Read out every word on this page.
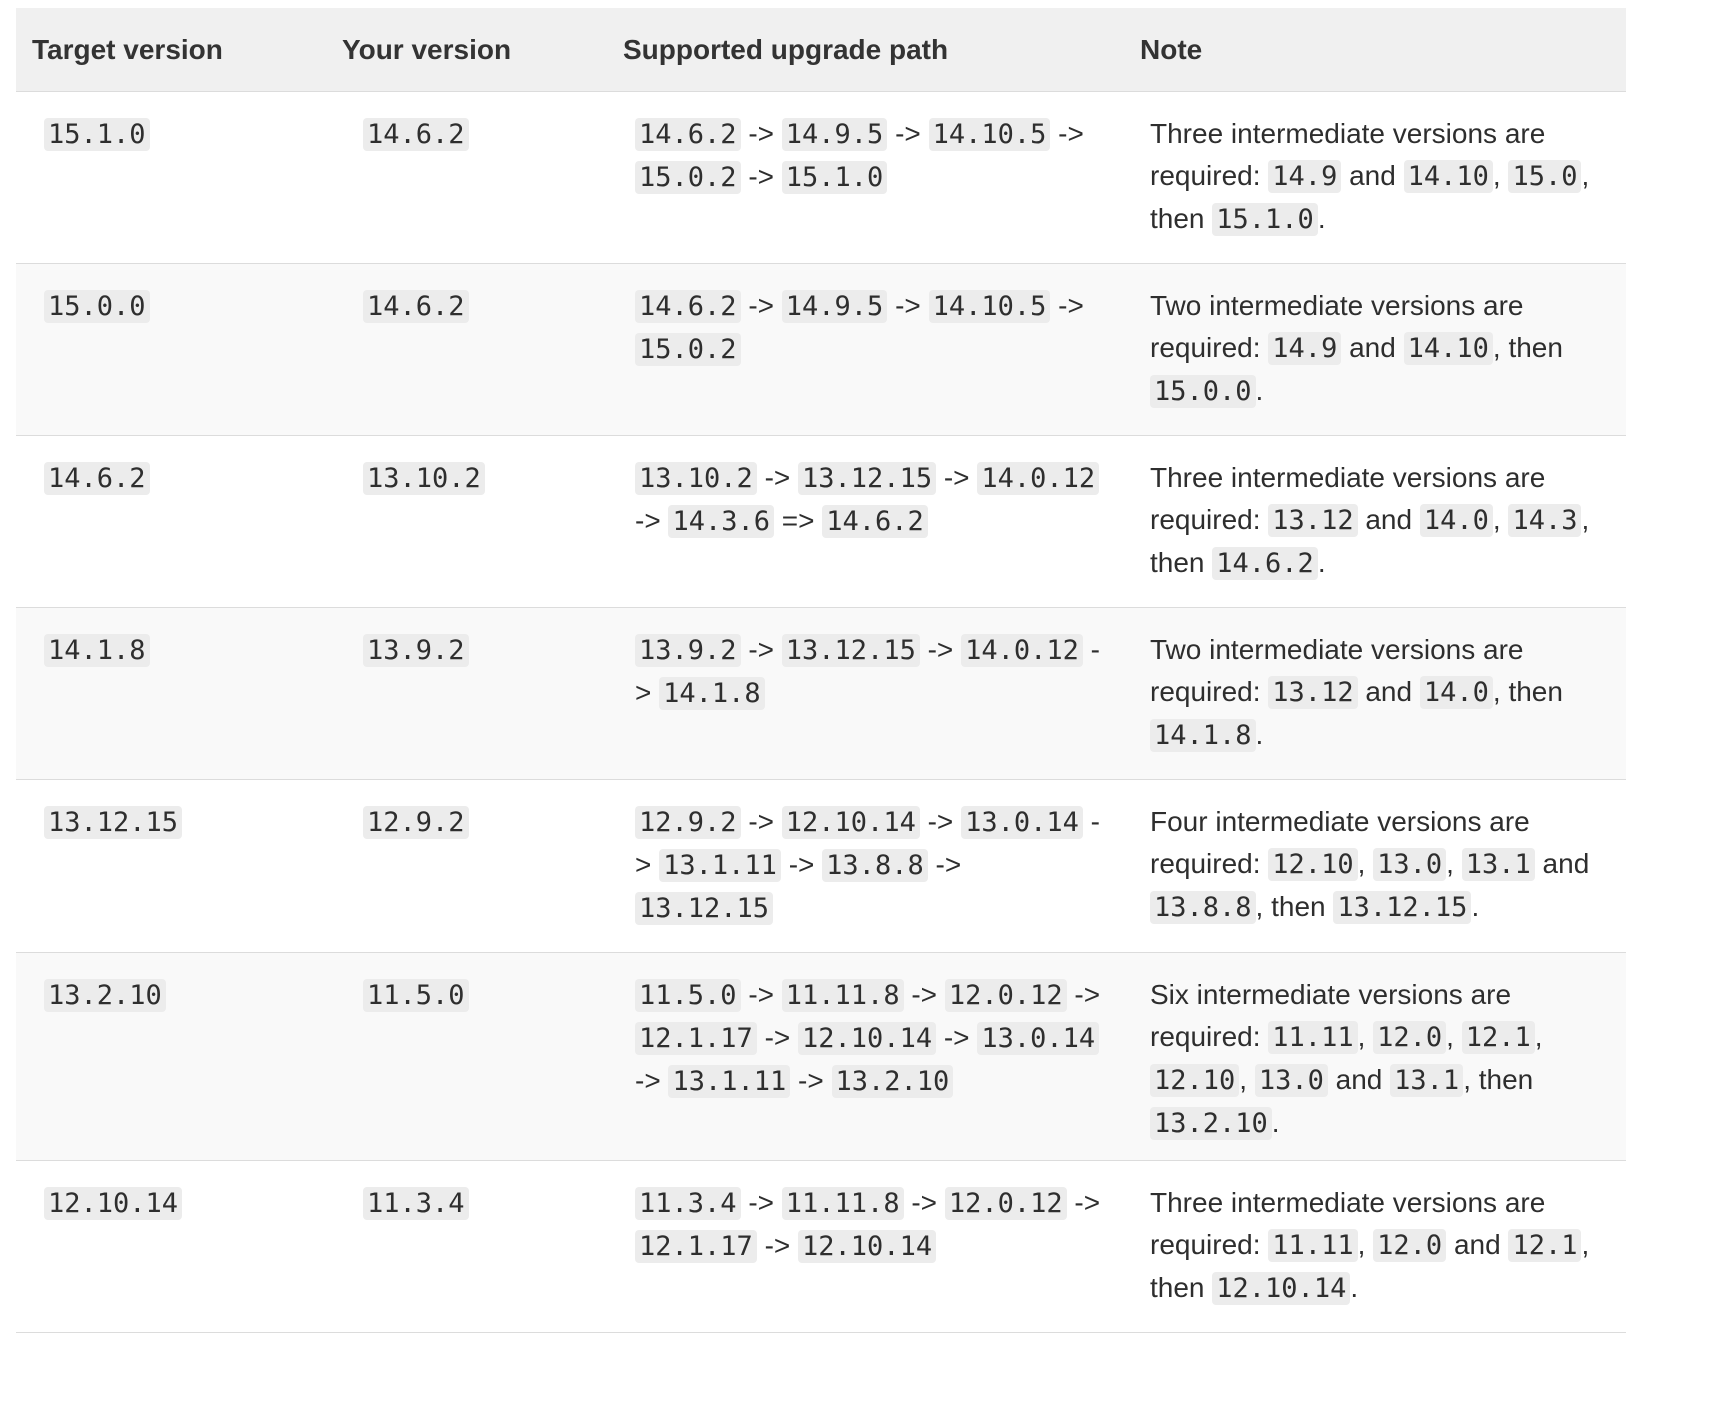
Target version	Your version	Supported upgrade path	Note
15.1.0	14.6.2	14.6.2 -> 14.9.5 -> 14.10.5 -> 15.0.2 -> 15.1.0	Three intermediate versions are required: 14.9 and 14.10 , 15.0 , then 15.1.0 .
15.0.0	14.6.2	14.6.2 -> 14.9.5 -> 14.10.5 -> 15.0.2	Two intermediate versions are required: 14.9 and 14.10 , then 15.0.0 .
14.6.2	13.10.2	13.10.2 -> 13.12.15 -> 14.0.12 -> 14.3.6 => 14.6.2	Three intermediate versions are required: 13.12 and 14.0 , 14.3 , then 14.6.2 .
14.1.8	13.9.2	13.9.2 -> 13.12.15 -> 14.0.12 -> 14.1.8	Two intermediate versions are required: 13.12 and 14.0 , then 14.1.8 .
13.12.15	12.9.2	12.9.2 -> 12.10.14 -> 13.0.14 -> 13.1.11 -> 13.8.8 -> 13.12.15	Four intermediate versions are required: 12.10 , 13.0 , 13.1 and 13.8.8 , then 13.12.15 .
13.2.10	11.5.0	11.5.0 -> 11.11.8 -> 12.0.12 -> 12.1.17 -> 12.10.14 -> 13.0.14 -> 13.1.11 -> 13.2.10	Six intermediate versions are required: 11.11 , 12.0 , 12.1 , 12.10 , 13.0 and 13.1 , then 13.2.10 .
12.10.14	11.3.4	11.3.4 -> 11.11.8 -> 12.0.12 -> 12.1.17 -> 12.10.14	Three intermediate versions are required: 11.11 , 12.0 and 12.1 , then 12.10.14 .
